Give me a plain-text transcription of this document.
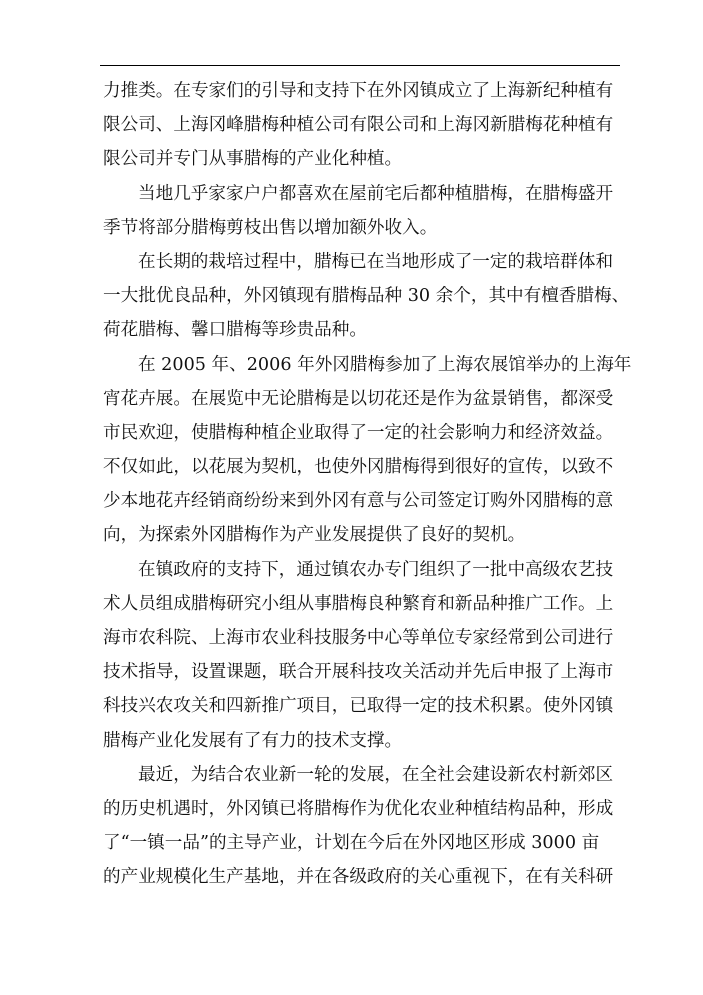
力推类。在专家们的引导和支持下在外冈镇成立了上海新纪种植有
限公司、上海冈峰腊梅种植公司有限公司和上海冈新腊梅花种植有
限公司并专门从事腊梅的产业化种植。
当地几乎家家户户都喜欢在屋前宅后都种植腊梅，在腊梅盛开
季节将部分腊梅剪枝出售以增加额外收入。
在长期的栽培过程中，腊梅已在当地形成了一定的栽培群体和
一大批优良品种，外冈镇现有腊梅品种 30 余个，其中有檀香腊梅、
荷花腊梅、馨口腊梅等珍贵品种。
在 2005 年、2006 年外冈腊梅参加了上海农展馆举办的上海年
宵花卉展。在展览中无论腊梅是以切花还是作为盆景销售，都深受
市民欢迎，使腊梅种植企业取得了一定的社会影响力和经济效益。
不仅如此，以花展为契机，也使外冈腊梅得到很好的宣传，以致不
少本地花卉经销商纷纷来到外冈有意与公司签定订购外冈腊梅的意
向，为探索外冈腊梅作为产业发展提供了良好的契机。
在镇政府的支持下，通过镇农办专门组织了一批中高级农艺技
术人员组成腊梅研究小组从事腊梅良种繁育和新品种推广工作。上
海市农科院、上海市农业科技服务中心等单位专家经常到公司进行
技术指导，设置课题，联合开展科技攻关活动并先后申报了上海市
科技兴农攻关和四新推广项目，已取得一定的技术积累。使外冈镇
腊梅产业化发展有了有力的技术支撑。
最近，为结合农业新一轮的发展，在全社会建设新农村新郊区
的历史机遇时，外冈镇已将腊梅作为优化农业种植结构品种，形成
了“一镇一品”的主导产业，计划在今后在外冈地区形成 3000 亩
的产业规模化生产基地，并在各级政府的关心重视下，在有关科研
